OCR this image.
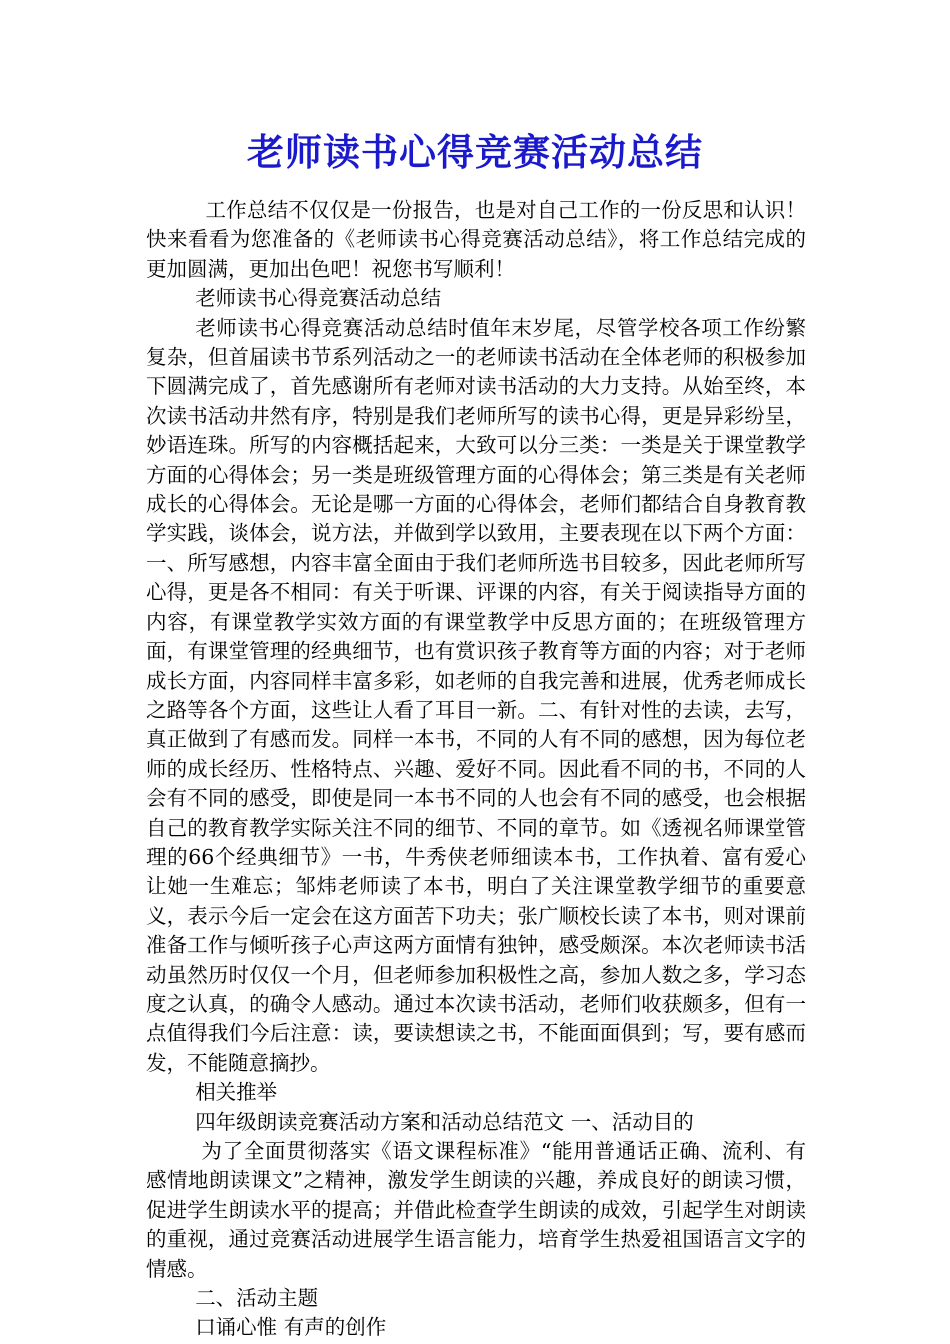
老师读书心得竞赛活动总结

工作总结不仅仅是一份报告，也是对自己工作的一份反思和认识！快来看看为您准备的《老师读书心得竞赛活动总结》，将工作总结完成的更加圆满，更加出色吧！祝您书写顺利！

老师读书心得竞赛活动总结

老师读书心得竞赛活动总结时值年末岁尾，尽管学校各项工作纷繁复杂，但首届读书节系列活动之一的老师读书活动在全体老师的积极参加下圆满完成了，首先感谢所有老师对读书活动的大力支持。从始至终，本次读书活动井然有序，特别是我们老师所写的读书心得，更是异彩纷呈，妙语连珠。所写的内容概括起来，大致可以分三类：一类是关于课堂教学方面的心得体会；另一类是班级管理方面的心得体会；第三类是有关老师成长的心得体会。无论是哪一方面的心得体会，老师们都结合自身教育教学实践，谈体会，说方法，并做到学以致用，主要表现在以下两个方面：一、所写感想，内容丰富全面由于我们老师所选书目较多，因此老师所写心得，更是各不相同：有关于听课、评课的内容，有关于阅读指导方面的内容，有课堂教学实效方面的有课堂教学中反思方面的；在班级管理方面，有课堂管理的经典细节，也有赏识孩子教育等方面的内容；对于老师成长方面，内容同样丰富多彩，如老师的自我完善和进展，优秀老师成长之路等各个方面，这些让人看了耳目一新。二、有针对性的去读，去写，真正做到了有感而发。同样一本书，不同的人有不同的感想，因为每位老师的成长经历、性格特点、兴趣、爱好不同。因此看不同的书，不同的人会有不同的感受，即使是同一本书不同的人也会有不同的感受，也会根据自己的教育教学实际关注不同的细节、不同的章节。如《透视名师课堂管理的66个经典细节》一书，牛秀侠老师细读本书，工作执着、富有爱心让她一生难忘；邹炜老师读了本书，明白了关注课堂教学细节的重要意义，表示今后一定会在这方面苦下功夫；张广顺校长读了本书，则对课前准备工作与倾听孩子心声这两方面情有独钟，感受颇深。本次老师读书活动虽然历时仅仅一个月，但老师参加积极性之高，参加人数之多，学习态度之认真，的确令人感动。通过本次读书活动，老师们收获颇多，但有一点值得我们今后注意：读，要读想读之书，不能面面俱到；写，要有感而发，不能随意摘抄。

相关推举

四年级朗读竞赛活动方案和活动总结范文 一、活动目的

为了全面贯彻落实《语文课程标准》“能用普通话正确、流利、有感情地朗读课文”之精神，激发学生朗读的兴趣，养成良好的朗读习惯，促进学生朗读水平的提高；并借此检查学生朗读的成效，引起学生对朗读的重视，通过竞赛活动进展学生语言能力，培育学生热爱祖国语言文字的情感。

二、活动主题

口诵心惟 有声的创作
